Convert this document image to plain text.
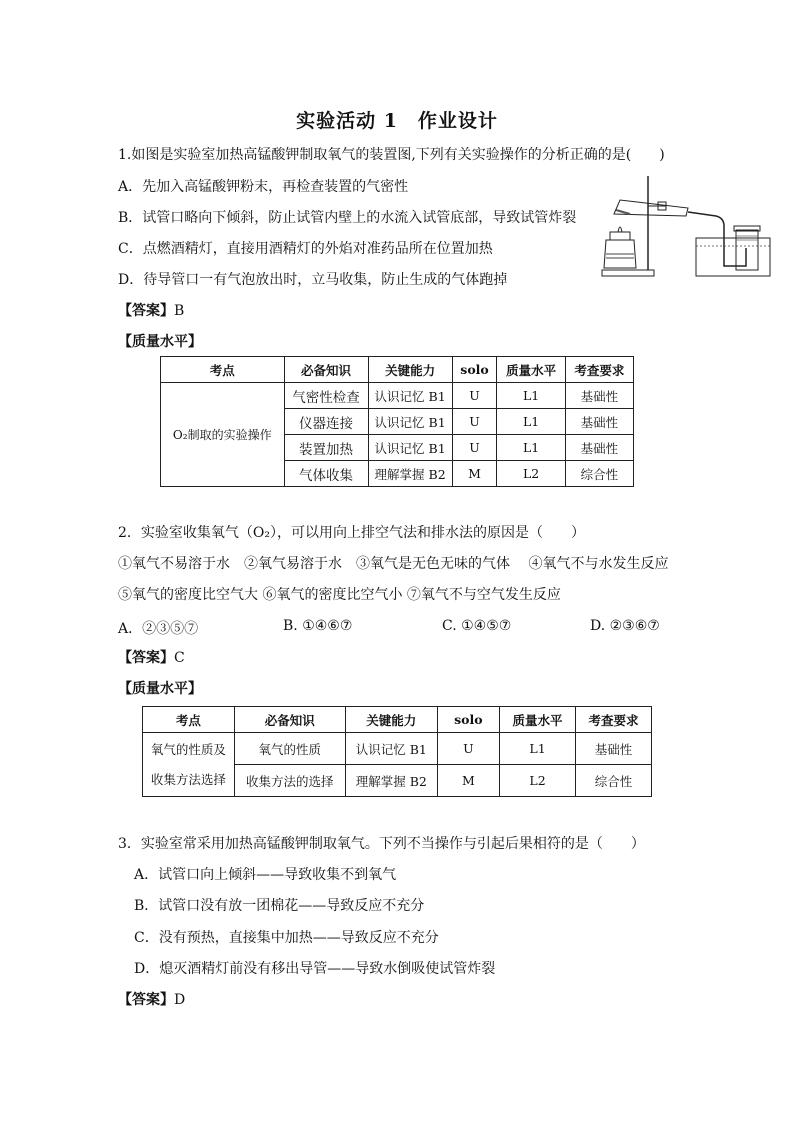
实验活动 1　作业设计
1.如图是实验室加热高锰酸钾制取氧气的装置图,下列有关实验操作的分析正确的是(　　)
A．先加入高锰酸钾粉末，再检查装置的气密性
B．试管口略向下倾斜，防止试管内壁上的水流入试管底部，导致试管炸裂
C．点燃酒精灯，直接用酒精灯的外焰对准药品所在位置加热
D．待导管口一有气泡放出时，立马收集，防止生成的气体跑掉
【答案】B
【质量水平】
考点	必备知识	关键能力	solo	质量水平	考查要求
O₂制取的实验操作	气密性检查	认识记忆 B1	U	L1	基础性
	仪器连接	认识记忆 B1	U	L1	基础性
	装置加热	认识记忆 B1	U	L1	基础性
	气体收集	理解掌握 B2	M	L2	综合性
2．实验室收集氧气（O₂），可以用向上排空气法和排水法的原因是（　　）
①氧气不易溶于水　②氧气易溶于水　③氧气是无色无味的气体　 ④氧气不与水发生反应
⑤氧气的密度比空气大 ⑥氧气的密度比空气小 ⑦氧气不与空气发生反应
A．②③⑤⑦	B. ①④⑥⑦	C. ①④⑤⑦	D. ②③⑥⑦
【答案】C
【质量水平】
考点	必备知识	关键能力	solo	质量水平	考查要求
氧气的性质及
收集方法选择	氧气的性质	认识记忆 B1	U	L1	基础性
	收集方法的选择	理解掌握 B2	M	L2	综合性
3．实验室常采用加热高锰酸钾制取氧气。下列不当操作与引起后果相符的是（　　）
A．试管口向上倾斜——导致收集不到氧气
B．试管口没有放一团棉花——导致反应不充分
C．没有预热，直接集中加热——导致反应不充分
D．熄灭酒精灯前没有移出导管——导致水倒吸使试管炸裂
【答案】D
